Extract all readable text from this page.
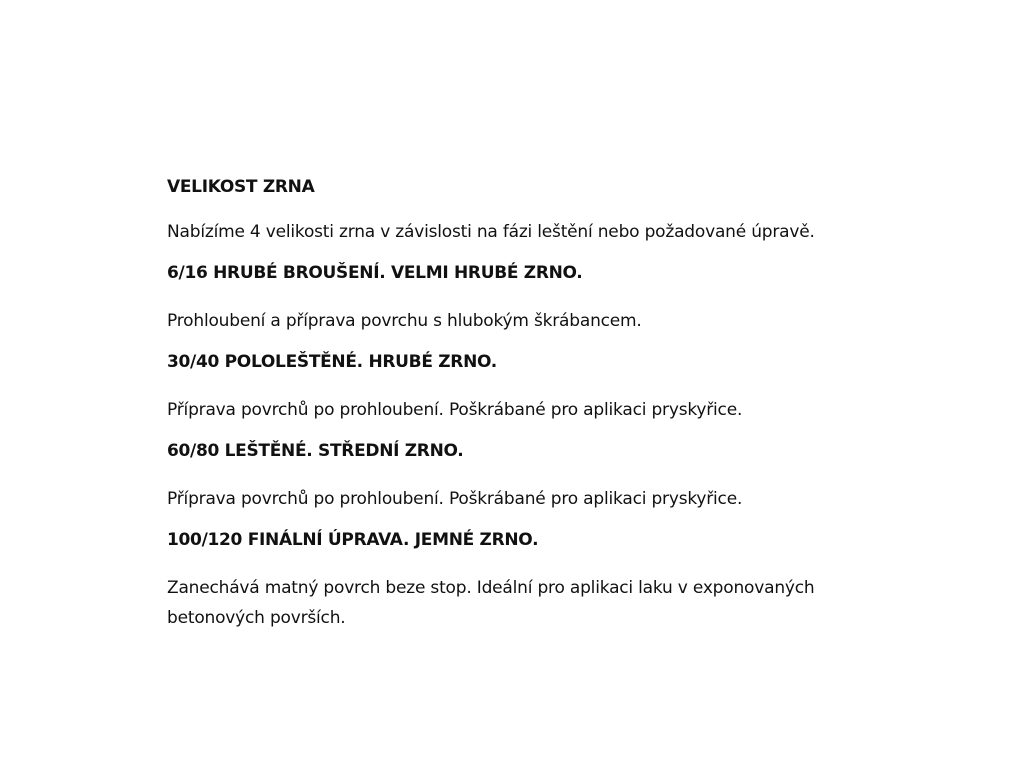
VELIKOST ZRNA
Nabízíme 4 velikosti zrna v závislosti na fázi leštění nebo požadované úpravě.
6/16 HRUBÉ BROUŠENÍ. VELMI HRUBÉ ZRNO.
Prohloubení a příprava povrchu s hlubokým škrábancem.
30/40 POLOLEŠTĚNÉ. HRUBÉ ZRNO.
Příprava povrchů po prohloubení. Poškrábané pro aplikaci pryskyřice.
60/80 LEŠTĚNÉ. STŘEDNÍ ZRNO.
Příprava povrchů po prohloubení. Poškrábané pro aplikaci pryskyřice.
100/120 FINÁLNÍ ÚPRAVA. JEMNÉ ZRNO.
Zanechává matný povrch beze stop. Ideální pro aplikaci laku v exponovaných betonových površích.
